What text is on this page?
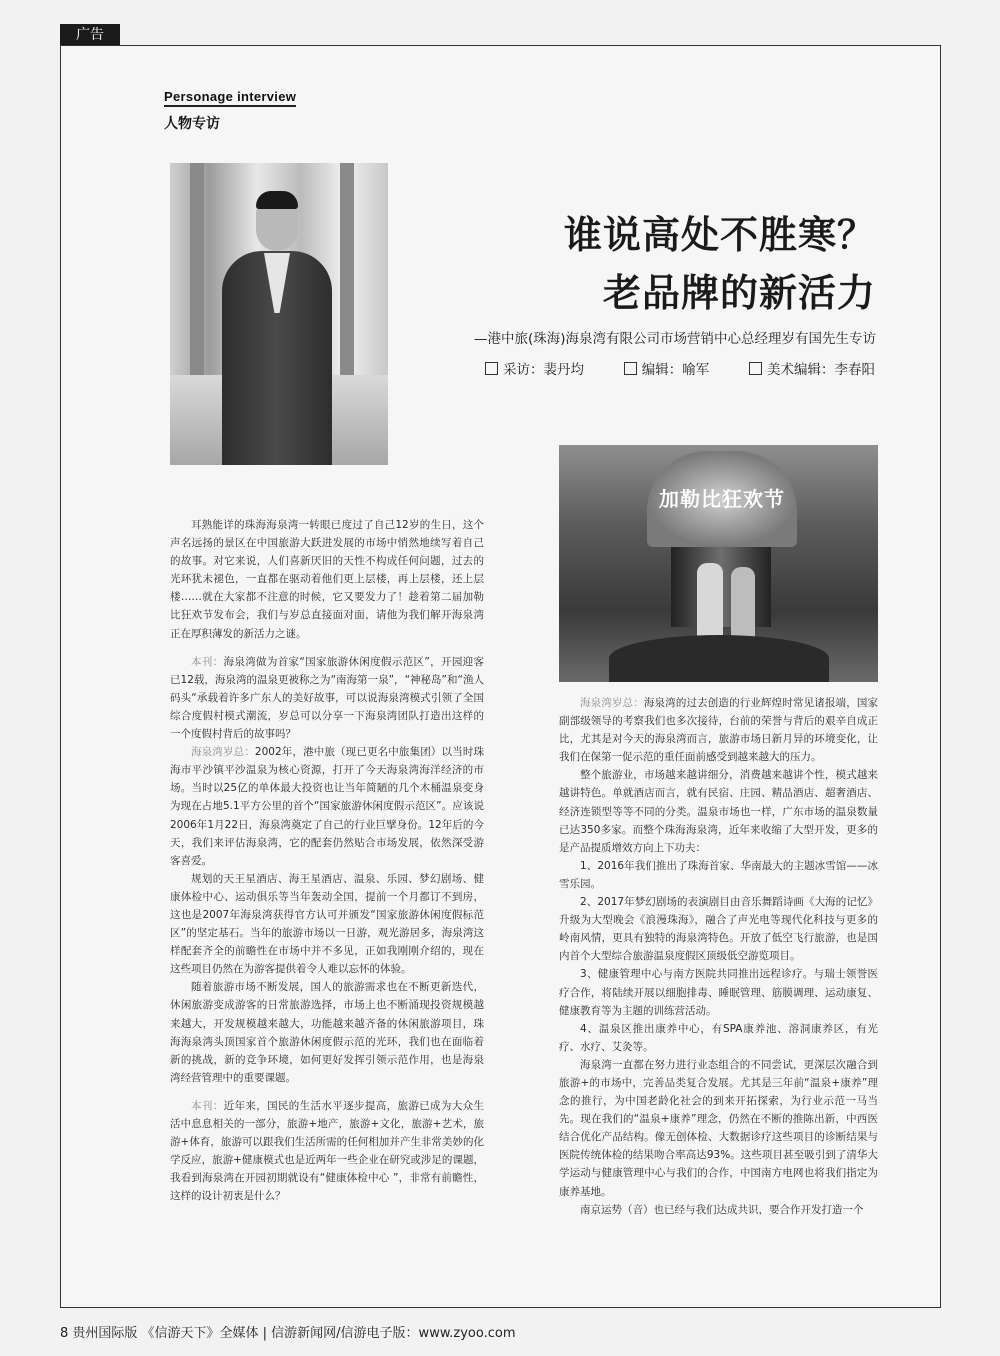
广告
Personage interview
人物专访
谁说高处不胜寒？
老品牌的新活力
—港中旅(珠海)海泉湾有限公司市场营销中心总经理岁有国先生专访
采访：裴丹均	编辑：喻军	美术编辑：李春阳
加勒比狂欢节

耳熟能详的珠海海泉湾一转眼已度过了自己12岁的生日，这个声名远扬的景区在中国旅游大跃进发展的市场中悄然地续写着自己的故事。对它来说，人们喜新厌旧的天性不构成任何问题，过去的光环犹未褪色，一直都在驱动着他们更上层楼，再上层楼，还上层楼……就在大家都不注意的时候，它又要发力了！趁着第二届加勒比狂欢节发布会，我们与岁总直接面对面，请他为我们解开海泉湾正在厚积薄发的新活力之谜。

本刊：海泉湾做为首家“国家旅游休闲度假示范区”，开园迎客已12载，海泉湾的温泉更被称之为“南海第一泉”，“神秘岛”和“渔人码头“承载着许多广东人的美好故事，可以说海泉湾模式引领了全国综合度假村模式潮流，岁总可以分享一下海泉湾团队打造出这样的一个度假村背后的故事吗？

海泉湾岁总：2002年，港中旅（现已更名中旅集团）以当时珠海市平沙镇平沙温泉为核心资源，打开了今天海泉湾海洋经济的市场。当时以25亿的单体最大投资也让当年简陋的几个木桶温泉变身为现在占地5.1平方公里的首个“国家旅游休闲度假示范区”。应该说2006年1月22日，海泉湾奠定了自己的行业巨擘身份。12年后的今天，我们来评估海泉湾，它的配套仍然贴合市场发展，依然深受游客喜爱。

规划的天王星酒店、海王星酒店、温泉、乐园、梦幻剧场、健康体检中心、运动俱乐等当年轰动全国，提前一个月都订不到房，这也是2007年海泉湾获得官方认可并颁发“国家旅游休闲度假标范区”的坚定基石。当年的旅游市场以一日游，观光游居多，海泉湾这样配套齐全的前瞻性在市场中并不多见，正如我刚刚介绍的，现在这些项目仍然在为游客提供着令人难以忘怀的体验。

随着旅游市场不断发展，国人的旅游需求也在不断更新迭代，休闲旅游变成游客的日常旅游选择，市场上也不断涌现投资规模越来越大，开发规模越来越大，功能越来越齐备的休闲旅游项目，珠海海泉湾头顶国家首个旅游休闲度假示范的光环，我们也在面临着新的挑战，新的竞争环境，如何更好发挥引领示范作用，也是海泉湾经营管理中的重要课题。

本刊：近年来，国民的生活水平逐步提高，旅游已成为大众生活中息息相关的一部分，旅游+地产，旅游+文化，旅游+艺术，旅游+体育，旅游可以跟我们生活所需的任何相加并产生非常美妙的化学反应，旅游+健康模式也是近两年一些企业在研究或涉足的课题，我看到海泉湾在开园初期就设有“健康体检中心 ”，非常有前瞻性，这样的设计初衷是什么？

海泉湾岁总：海泉湾的过去创造的行业辉煌时常见诸报端，国家副部级领导的考察我们也多次接待，台前的荣誉与背后的艰辛自成正比，尤其是对今天的海泉湾而言，旅游市场日新月异的环境变化，让我们在保第一促示范的重任面前感受到越来越大的压力。

整个旅游业，市场越来越讲细分，消费越来越讲个性，模式越来越讲特色。单就酒店而言，就有民宿、庄园、精品酒店、超奢酒店、经济连锁型等等不同的分类。温泉市场也一样，广东市场的温泉数量已达350多家。而整个珠海海泉湾，近年来收缩了大型开发，更多的是产品提质增效方向上下功夫：

1、2016年我们推出了珠海首家、华南最大的主题冰雪馆——冰雪乐园。

2、2017年梦幻剧场的表演剧目由音乐舞蹈诗画《大海的记忆》升级为大型晚会《浪漫珠海》，融合了声光电等现代化科技与更多的岭南风情，更具有独特的海泉湾特色。开放了低空飞行旅游，也是国内首个大型综合旅游温泉度假区顶级低空游览项目。

3、健康管理中心与南方医院共同推出远程诊疗。与瑞士领誉医疗合作，将陆续开展以细胞排毒、睡眠管理、筋膜调理、运动康复、健康教育等为主题的训练营活动。

4、温泉区推出康养中心，有SPA康养池、溶洞康养区，有光疗、水疗、艾灸等。

海泉湾一直都在努力进行业态组合的不同尝试，更深层次融合到旅游+的市场中，完善品类复合发展。尤其是三年前“温泉+康养”理念的推行，为中国老龄化社会的到来开拓探索，为行业示范一马当先。现在我们的“温泉+康养”理念，仍然在不断的推陈出新，中西医结合优化产品结构。像无创体检、大数据诊疗这些项目的诊断结果与医院传统体检的结果吻合率高达93%。这些项目甚至吸引到了清华大学运动与健康管理中心与我们的合作，中国南方电网也将我们指定为康养基地。

南京运势（音）也已经与我们达成共识，要合作开发打造一个

8 贵州国际版 《信游天下》全媒体 | 信游新闻网/信游电子版：www.zyoo.com
